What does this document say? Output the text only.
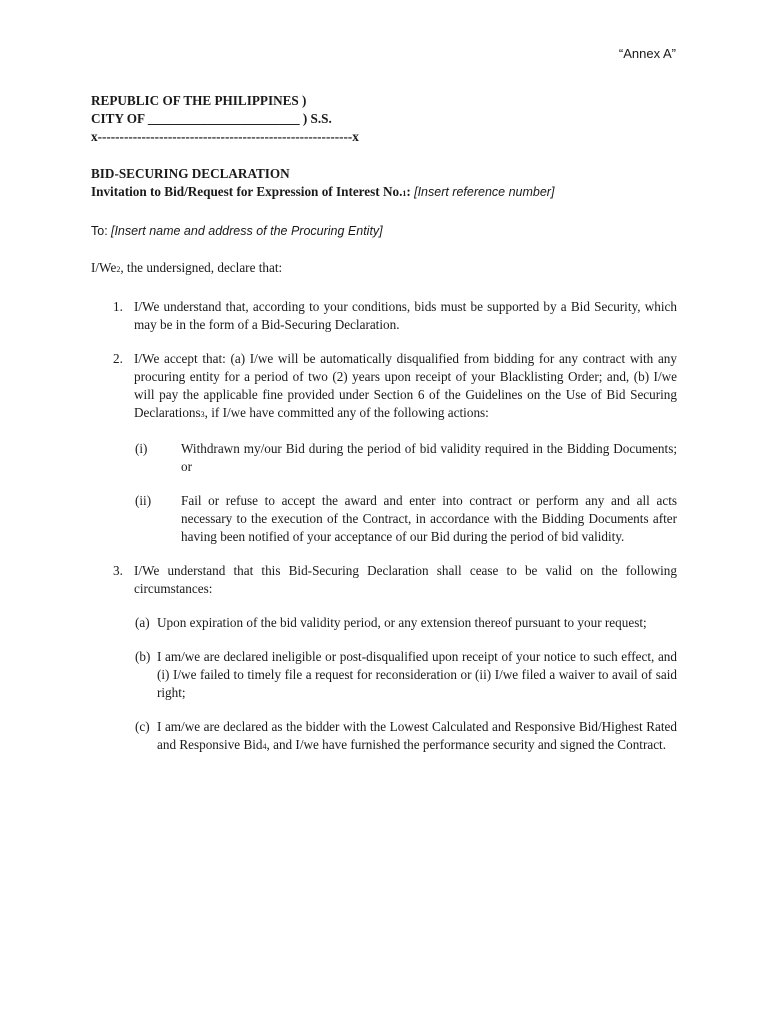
“Annex A”

REPUBLIC OF THE PHILIPPINES )

CITY OF _______________________ ) S.S.

x----------------------------------------------------------x

BID-SECURING DECLARATION

Invitation to Bid/Request for Expression of Interest No.1: [Insert reference number]

To: [Insert name and address of the Procuring Entity]

I/We2, the undersigned, declare that:

1. I/We understand that, according to your conditions, bids must be supported by a Bid Security, which may be in the form of a Bid-Securing Declaration.
2. I/We accept that: (a) I/we will be automatically disqualified from bidding for any contract with any procuring entity for a period of two (2) years upon receipt of your Blacklisting Order; and, (b) I/we will pay the applicable fine provided under Section 6 of the Guidelines on the Use of Bid Securing Declarations3, if I/we have committed any of the following actions:
(i)	Withdrawn my/our Bid during the period of bid validity required in the Bidding Documents; or
(ii)	Fail or refuse to accept the award and enter into contract or perform any and all acts necessary to the execution of the Contract, in accordance with the Bidding Documents after having been notified of your acceptance of our Bid during the period of bid validity.
3. I/We understand that this Bid-Securing Declaration shall cease to be valid on the following circumstances:
(a) Upon expiration of the bid validity period, or any extension thereof pursuant to your request;
(b) I am/we are declared ineligible or post-disqualified upon receipt of your notice to such effect, and (i) I/we failed to timely file a request for reconsideration or (ii) I/we filed a waiver to avail of said right;
(c) I am/we are declared as the bidder with the Lowest Calculated and Responsive Bid/Highest Rated and Responsive Bid4, and I/we have furnished the performance security and signed the Contract.
